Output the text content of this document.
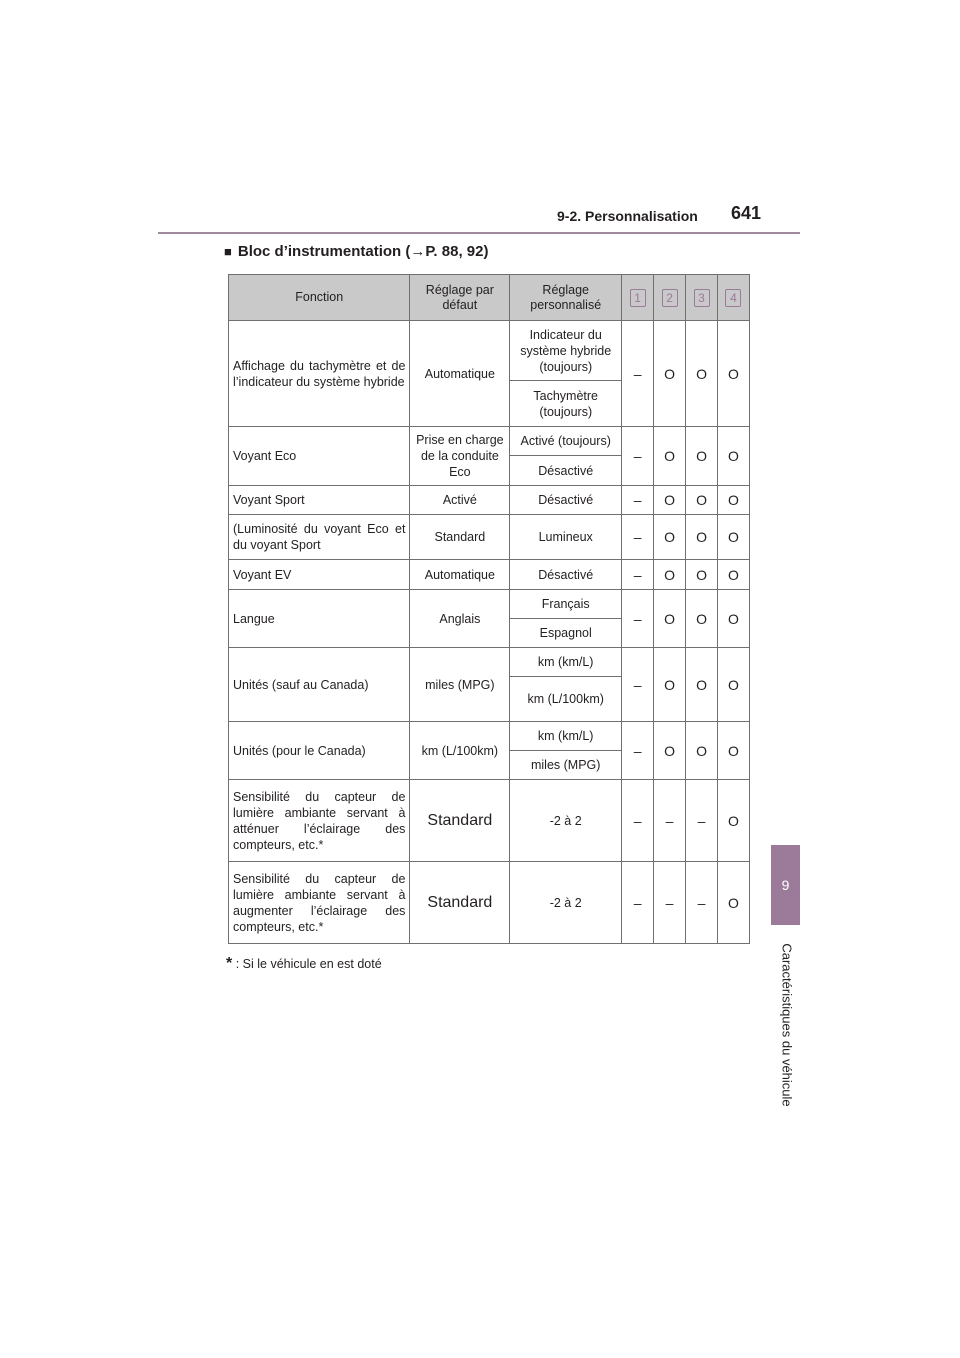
9-2. Personnalisation 641
9
Caractéristiques du véhicule
■ Bloc d’instrumentation (→P. 88, 92)
Fonction	Réglage par défaut	Réglage personnalisé	1	2	3	4
Affichage du tachymètre et de l’indicateur du système hybride	Automatique	Indicateur du système hybride (toujours)	–	O	O	O
		Tachymètre (toujours)				
Voyant Eco	Prise en charge de la conduite Eco	Activé (toujours)	–	O	O	O
		Désactivé				
Voyant Sport	Activé	Désactivé	–	O	O	O
(Luminosité du voyant Eco et du voyant Sport	Standard	Lumineux	–	O	O	O
Voyant EV	Automatique	Désactivé	–	O	O	O
Langue	Anglais	Français	–	O	O	O
		Espagnol				
Unités (sauf au Canada)	miles (MPG)	km (km/L)	–	O	O	O
		km (L/100km)				
Unités (pour le Canada)	km (L/100km)	km (km/L)	–	O	O	O
		miles (MPG)				
Sensibilité du capteur de lumière ambiante servant à atténuer l’éclairage des compteurs, etc.*	Standard	-2 à 2	–	–	–	O
Sensibilité du capteur de lumière ambiante servant à augmenter l’éclairage des compteurs, etc.*	Standard	-2 à 2	–	–	–	O
* : Si le véhicule en est doté
